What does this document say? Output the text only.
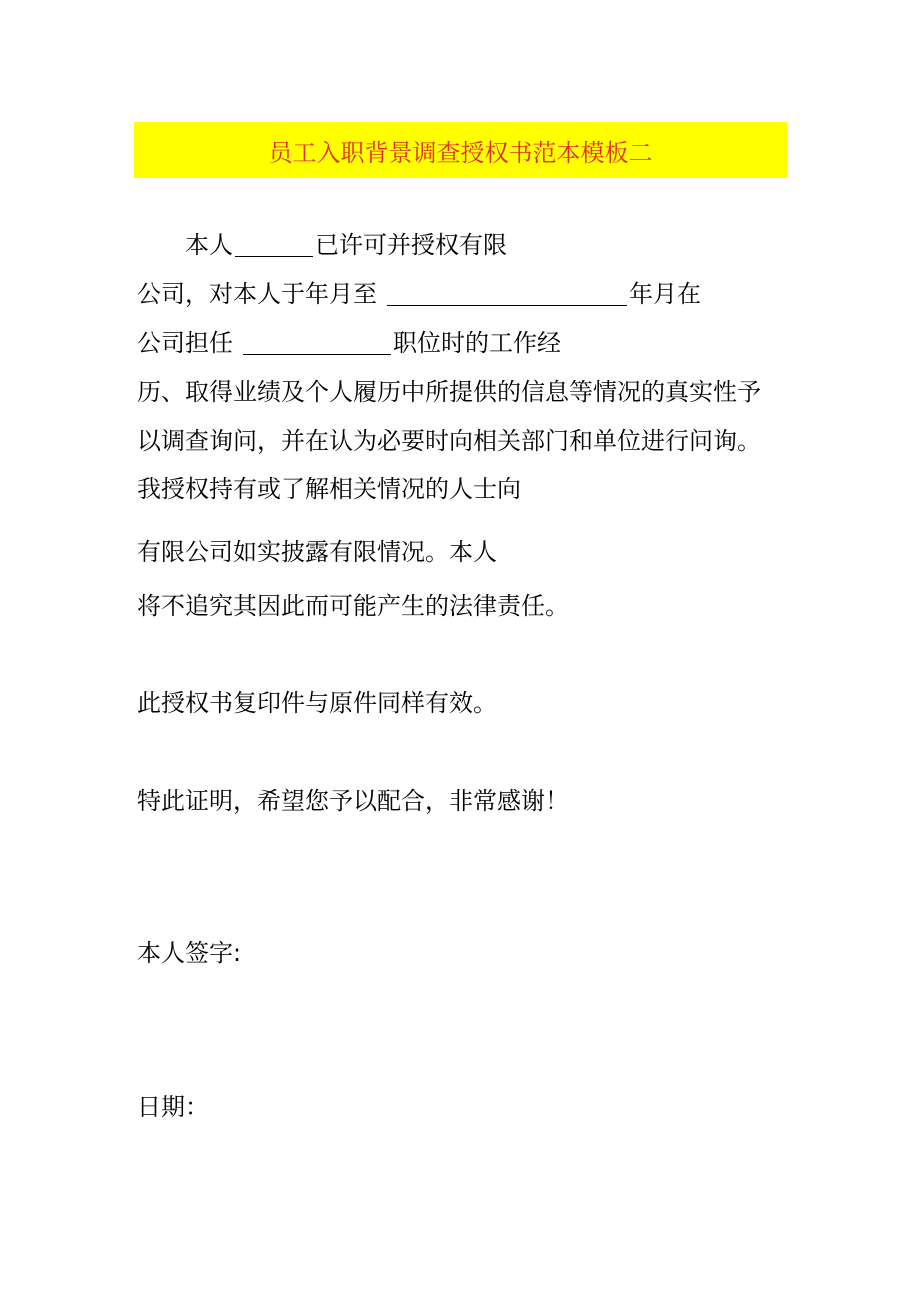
员工入职背景调查授权书范本模板二
本人	已许可并授权有限
公司，对本人于年月至	年月在
公司担任	职位时的工作经
历、取得业绩及个人履历中所提供的信息等情况的真实性予
以调查询问，并在认为必要时向相关部门和单位进行问询。
我授权持有或了解相关情况的人士向
有限公司如实披露有限情况。本人
将不追究其因此而可能产生的法律责任。
此授权书复印件与原件同样有效。
特此证明，希望您予以配合，非常感谢！
本人签字:
日期：
